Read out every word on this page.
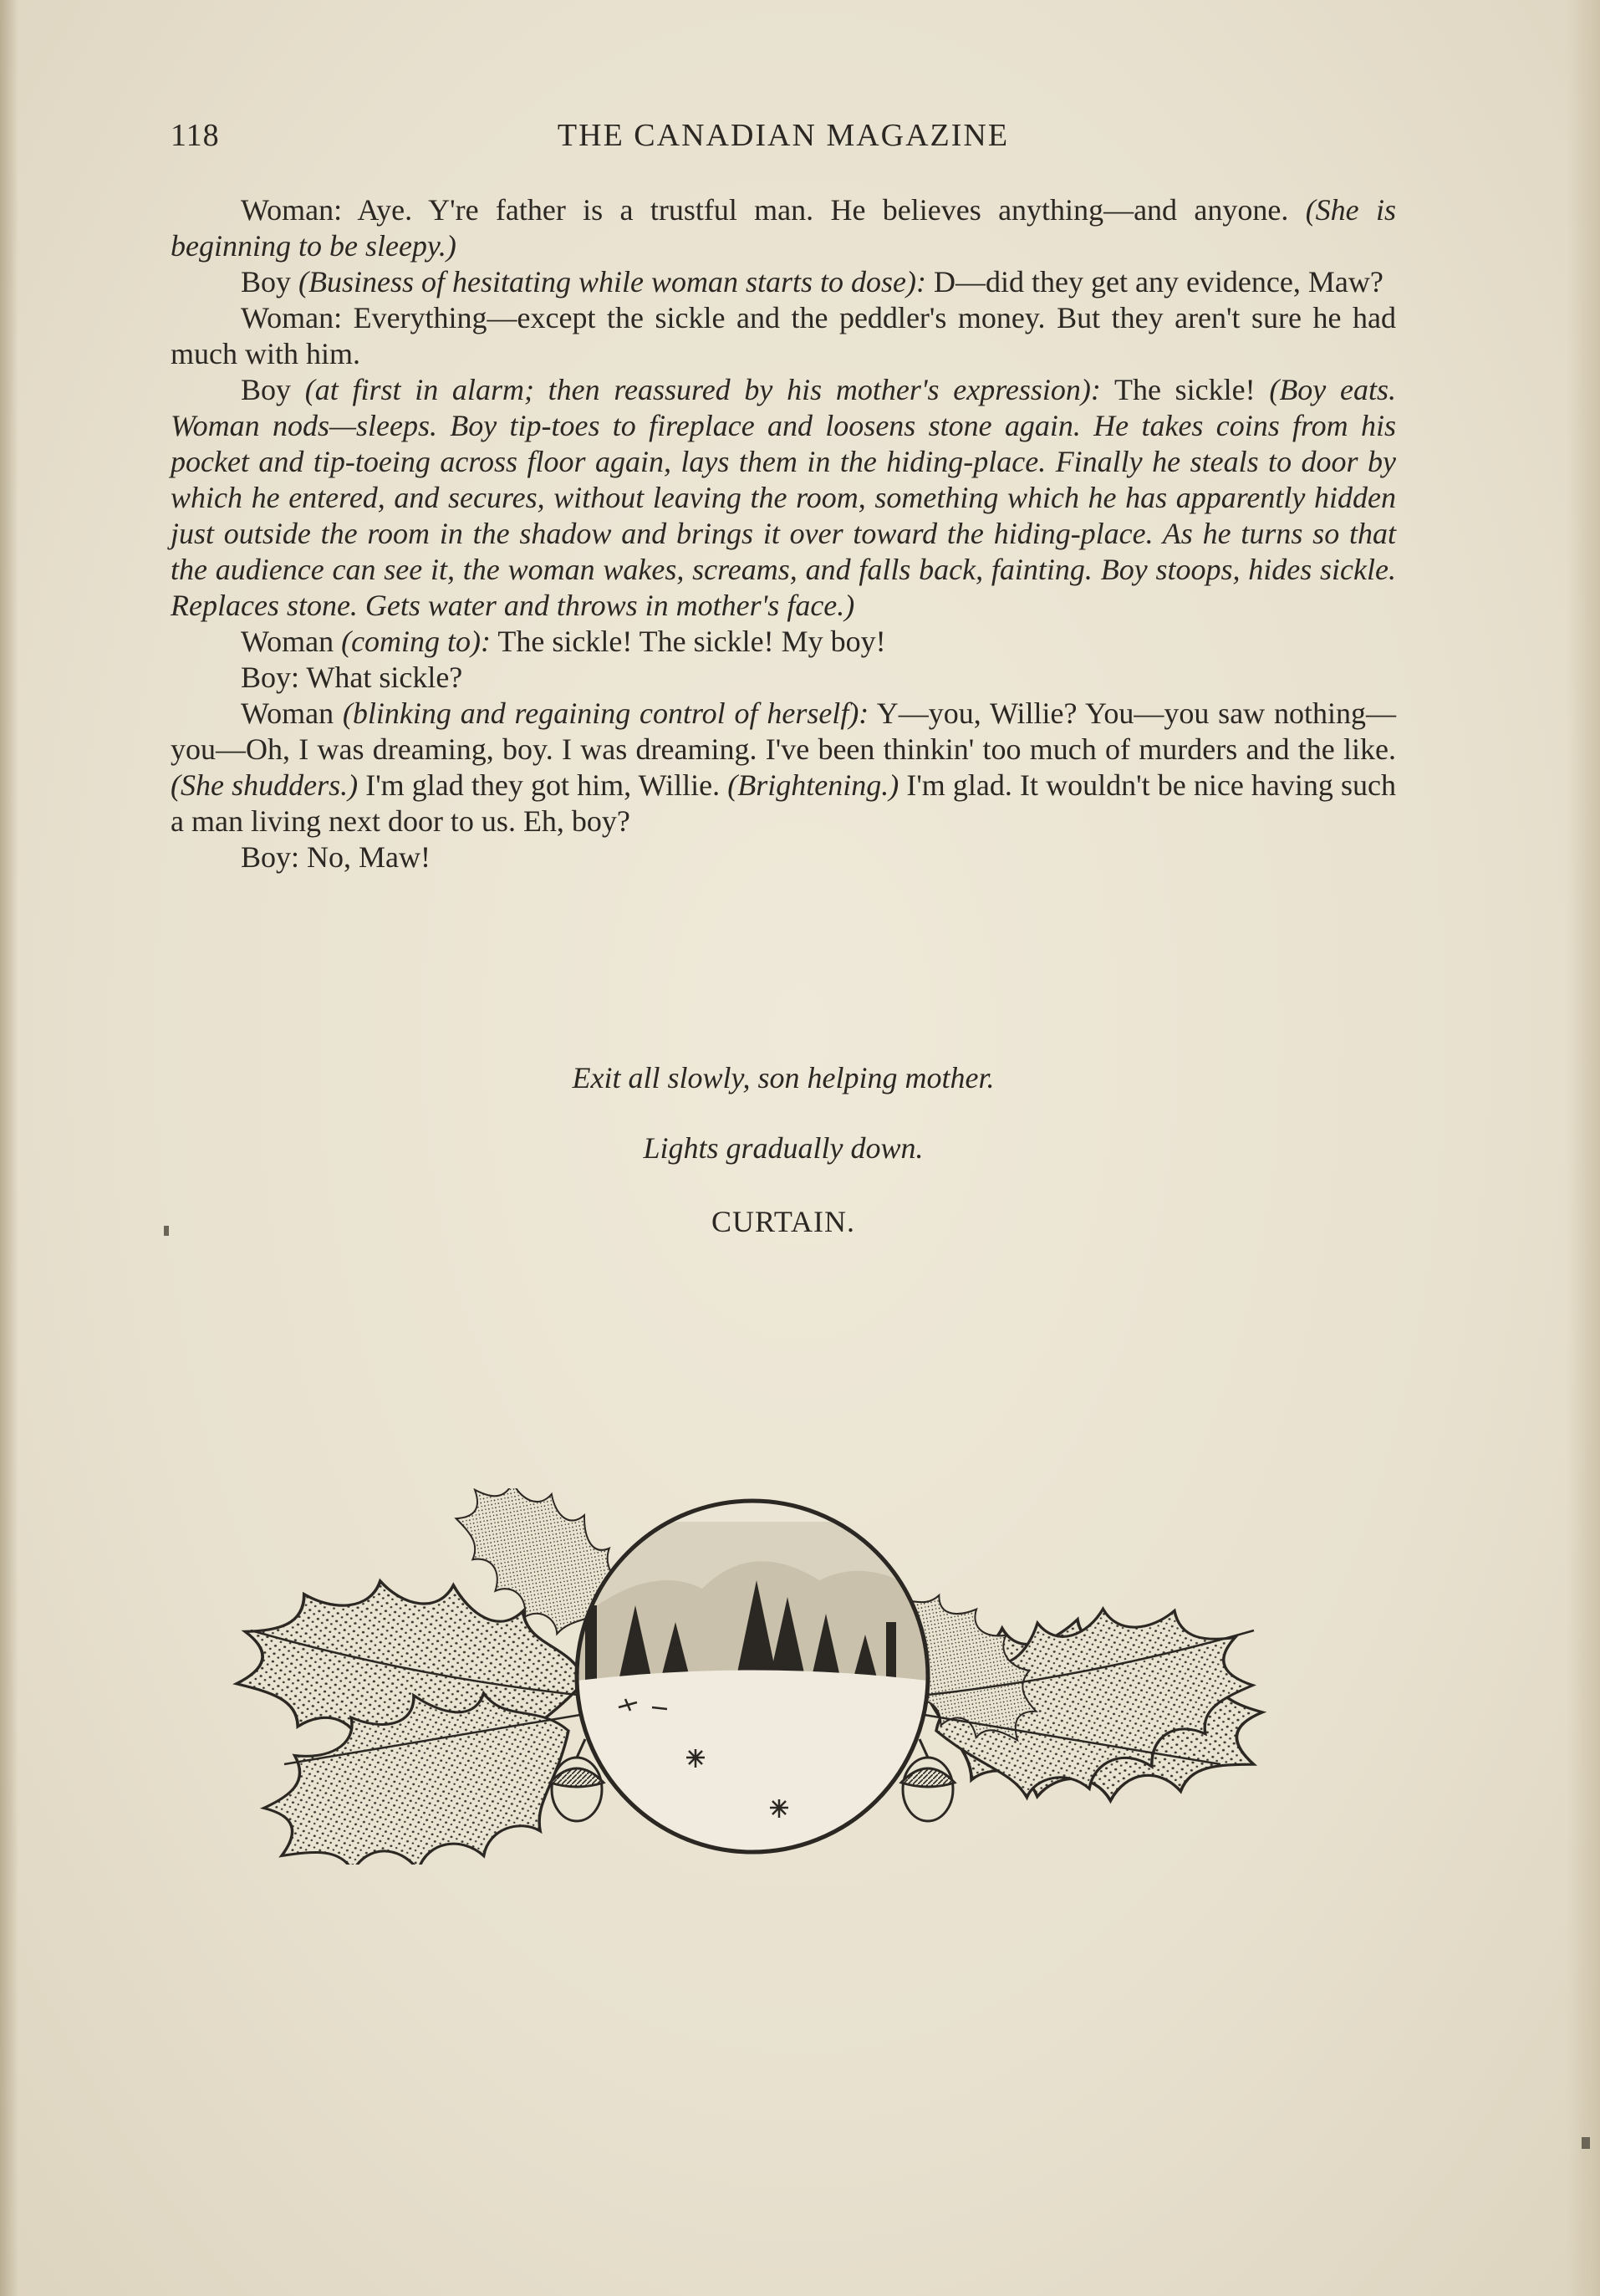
118	THE CANADIAN MAGAZINE

Woman: Aye. Y're father is a trustful man. He believes anything—and anyone. (She is beginning to be sleepy.)

Boy (Business of hesitating while woman starts to dose): D—did they get any evidence, Maw?

Woman: Everything—except the sickle and the peddler's money. But they aren't sure he had much with him.

Boy (at first in alarm; then reassured by his mother's expression): The sickle! (Boy eats. Woman nods—sleeps. Boy tip-toes to fireplace and loosens stone again. He takes coins from his pocket and tip-toeing across floor again, lays them in the hiding-place. Finally he steals to door by which he entered, and secures, without leaving the room, something which he has apparently hidden just outside the room in the shadow and brings it over toward the hiding-place. As he turns so that the audience can see it, the woman wakes, screams, and falls back, fainting. Boy stoops, hides sickle. Replaces stone. Gets water and throws in mother's face.)

Woman (coming to): The sickle! The sickle! My boy!

Boy: What sickle?

Woman (blinking and regaining control of herself): Y—you, Willie? You—you saw nothing—you—Oh, I was dreaming, boy. I was dreaming. I've been thinkin' too much of murders and the like. (She shudders.) I'm glad they got him, Willie. (Brightening.) I'm glad. It wouldn't be nice having such a man living next door to us. Eh, boy?

Boy: No, Maw!

Exit all slowly, son helping mother.
Lights gradually down.
CURTAIN.
